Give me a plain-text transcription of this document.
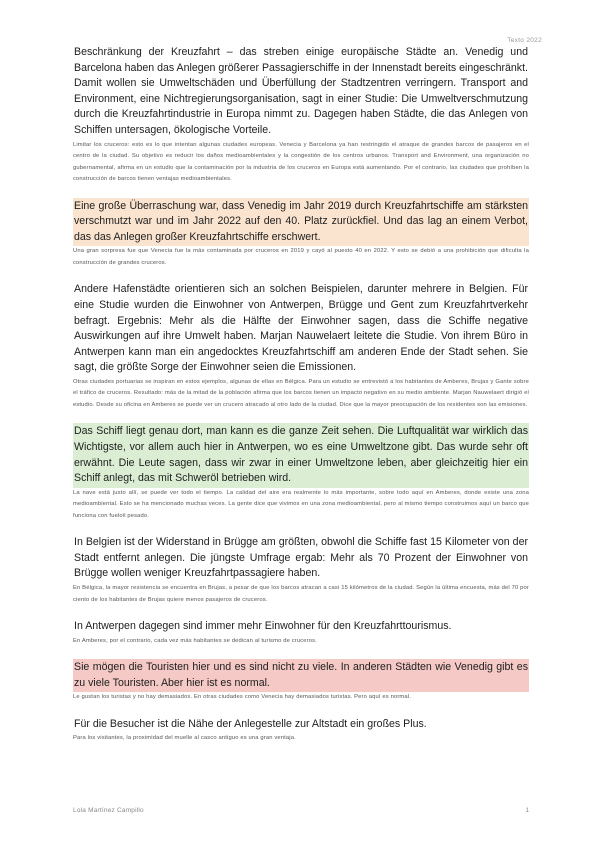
Texto 2022

Beschränkung der Kreuzfahrt – das streben einige europäische Städte an. Venedig und Barcelona haben das Anlegen größerer Passagierschiffe in der Innenstadt bereits eingeschränkt. Damit wollen sie Umweltschäden und Überfüllung der Stadtzentren verringern. Transport and Environment, eine Nichtregierungsorganisation, sagt in einer Studie: Die Umweltverschmutzung durch die Kreuzfahrtindustrie in Europa nimmt zu. Dagegen haben Städte, die das Anlegen von Schiffen untersagen, ökologische Vorteile.

Limitar los cruceros: esto es lo que intentan algunas ciudades europeas. Venecia y Barcelona ya han restringido el atraque de grandes barcos de pasajeros en el centro de la ciudad. Su objetivo es reducir los daños medioambientales y la congestión de los centros urbanos. Transport and Environment, una organización no gubernamental, afirma en un estudio que la contaminación por la industria de los cruceros en Europa está aumentando. Por el contrario, las ciudades que prohíben la construcción de barcos tienen ventajas medioambientales.

Eine große Überraschung war, dass Venedig im Jahr 2019 durch Kreuzfahrtschiffe am stärksten verschmutzt war und im Jahr 2022 auf den 40. Platz zurückfiel. Und das lag an einem Verbot, das das Anlegen großer Kreuzfahrtschiffe erschwert.

Una gran sorpresa fue que Venecia fue la más contaminada por cruceros en 2019 y cayó al puesto 40 en 2022. Y esto se debió a una prohibición que dificulta la construcción de grandes cruceros.

Andere Hafenstädte orientieren sich an solchen Beispielen, darunter mehrere in Belgien. Für eine Studie wurden die Einwohner von Antwerpen, Brügge und Gent zum Kreuzfahrtverkehr befragt. Ergebnis: Mehr als die Hälfte der Einwohner sagen, dass die Schiffe negative Auswirkungen auf ihre Umwelt haben. Marjan Nauwelaert leitete die Studie. Von ihrem Büro in Antwerpen kann man ein angedocktes Kreuzfahrtschiff am anderen Ende der Stadt sehen. Sie sagt, die größte Sorge der Einwohner seien die Emissionen.

Otras ciudades portuarias se inspiran en estos ejemplos, algunas de ellas en Bélgica. Para un estudio se entrevistó a los habitantes de Amberes, Brujas y Gante sobre el tráfico de cruceros. Resultado: más de la mitad de la población afirma que los barcos tienen un impacto negativo en su medio ambiente. Marjan Nauwelaert dirigió el estudio. Desde su oficina en Amberes se puede ver un crucero atracado al otro lado de la ciudad. Dice que la mayor preocupación de los residentes son las emisiones.

Das Schiff liegt genau dort, man kann es die ganze Zeit sehen. Die Luftqualität war wirklich das Wichtigste, vor allem auch hier in Antwerpen, wo es eine Umweltzone gibt. Das wurde sehr oft erwähnt. Die Leute sagen, dass wir zwar in einer Umweltzone leben, aber gleichzeitig hier ein Schiff anlegt, das mit Schweröl betrieben wird.

La nave está justo allí, se puede ver todo el tiempo. La calidad del aire era realmente lo más importante, sobre todo aquí en Amberes, donde existe una zona medioambiental. Esto se ha mencionado muchas veces. La gente dice que vivimos en una zona medioambiental, pero al mismo tiempo construimos aquí un barco que funciona con fueloil pesado.

In Belgien ist der Widerstand in Brügge am größten, obwohl die Schiffe fast 15 Kilometer von der Stadt entfernt anlegen. Die jüngste Umfrage ergab: Mehr als 70 Prozent der Einwohner von Brügge wollen weniger Kreuzfahrtpassagiere haben.

En Bélgica, la mayor resistencia se encuentra en Brujas, a pesar de que los barcos atracan a casi 15 kilómetros de la ciudad. Según la última encuesta, más del 70 por ciento de los habitantes de Brujas quiere menos pasajeros de cruceros.

In Antwerpen dagegen sind immer mehr Einwohner für den Kreuzfahrttourismus.

En Amberes, por el contrario, cada vez más habitantes se dedican al turismo de cruceros.

Sie mögen die Touristen hier und es sind nicht zu viele. In anderen Städten wie Venedig gibt es zu viele Touristen. Aber hier ist es normal.

Le gustan los turistas y no hay demasiados. En otras ciudades como Venecia hay demasiados turistas. Pero aquí es normal.

Für die Besucher ist die Nähe der Anlegestelle zur Altstadt ein großes Plus.

Para los visitantes, la proximidad del muelle al casco antiguo es una gran ventaja.

Lola Martínez Campillo	1
